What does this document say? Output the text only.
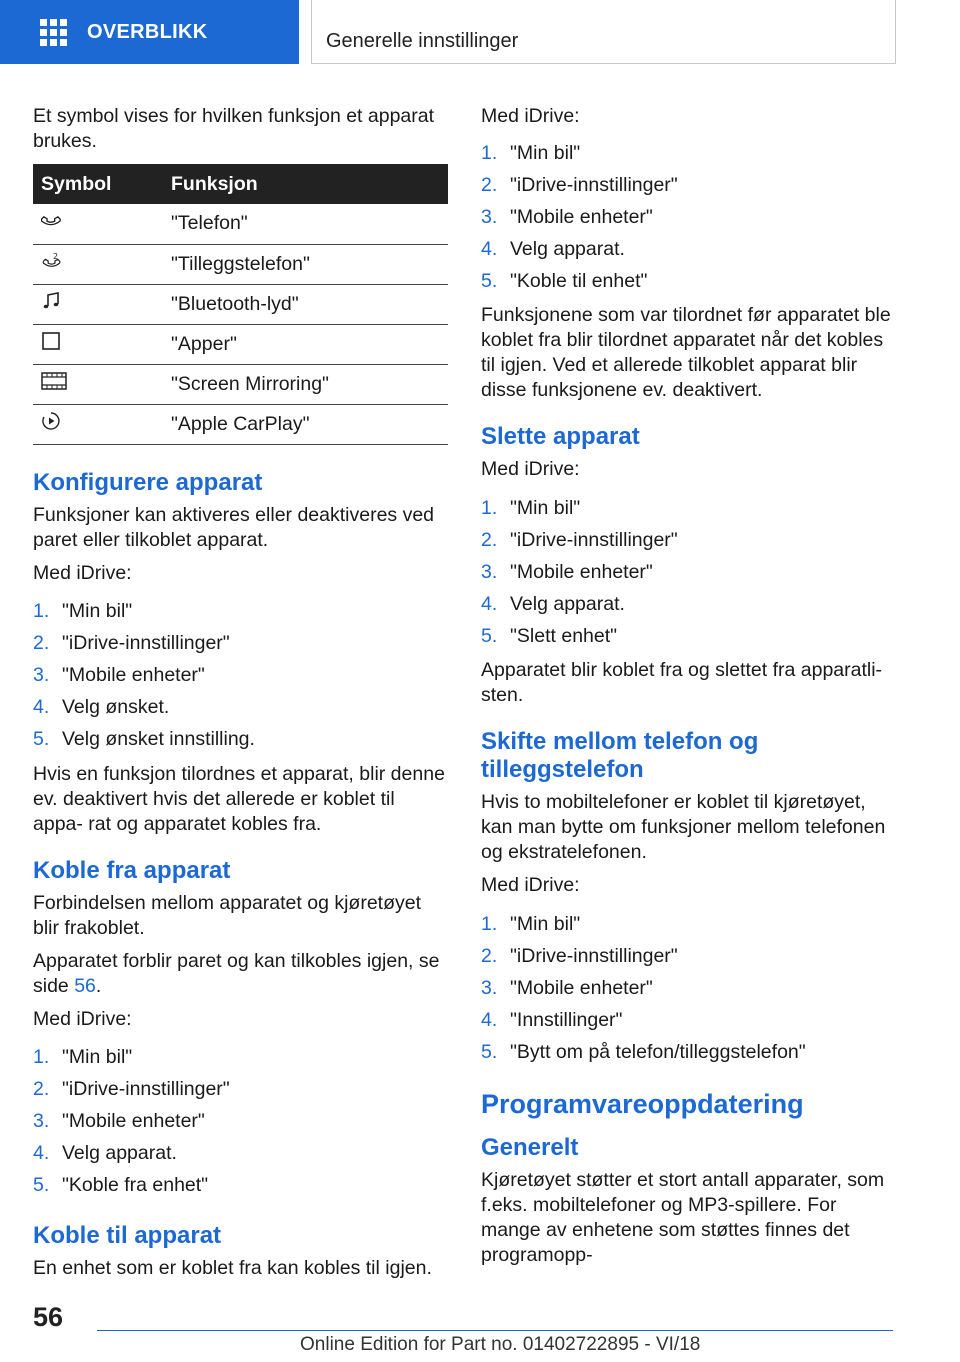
OVERBLIKK	Generelle innstillinger

Et symbol vises for hvilken funksjon et apparat brukes.

Symbol	Funksjon
	"Telefon"

2	"Tilleggstelefon"
	"Bluetooth-lyd"
	"Apper"
	"Screen Mirroring"
	"Apple CarPlay"
Konfigurere apparat

Funksjoner kan aktiveres eller deaktiveres ved paret eller tilkoblet apparat.

Med iDrive:

1. "Min bil"
2. "iDrive-innstillinger"
3. "Mobile enheter"
4. Velg ønsket.
5. Velg ønsket innstilling.

Hvis en funksjon tilordnes et apparat, blir denne ev. deaktivert hvis det allerede er koblet til appa- rat og apparatet kobles fra.

Koble fra apparat

Forbindelsen mellom apparatet og kjøretøyet blir frakoblet.

Apparatet forblir paret og kan tilkobles igjen, se side 56.

Med iDrive:

1. "Min bil"
2. "iDrive-innstillinger"
3. "Mobile enheter"
4. Velg apparat.
5. "Koble fra enhet"
Koble til apparat

En enhet som er koblet fra kan kobles til igjen.

Med iDrive:

1. "Min bil"
2. "iDrive-innstillinger"
3. "Mobile enheter"
4. Velg apparat.
5. "Koble til enhet"

Funksjonene som var tilordnet før apparatet ble koblet fra blir tilordnet apparatet når det kobles til igjen. Ved et allerede tilkoblet apparat blir disse funksjonene ev. deaktivert.

Slette apparat

Med iDrive:

1. "Min bil"
2. "iDrive-innstillinger"
3. "Mobile enheter"
4. Velg apparat.
5. "Slett enhet"

Apparatet blir koblet fra og slettet fra apparatli- sten.

Skifte mellom telefon og tilleggstelefon

Hvis to mobiltelefoner er koblet til kjøretøyet, kan man bytte om funksjoner mellom telefonen og ekstratelefonen.

Med iDrive:

1. "Min bil"
2. "iDrive-innstillinger"
3. "Mobile enheter"
4. "Innstillinger"
5. "Bytt om på telefon/tilleggstelefon"
Programvareoppdatering
Generelt

Kjøretøyet støtter et stort antall apparater, som f.eks. mobiltelefoner og MP3-spillere. For mange av enhetene som støttes finnes det programopp-

56
Online Edition for Part no. 01402722895 - VI/18
